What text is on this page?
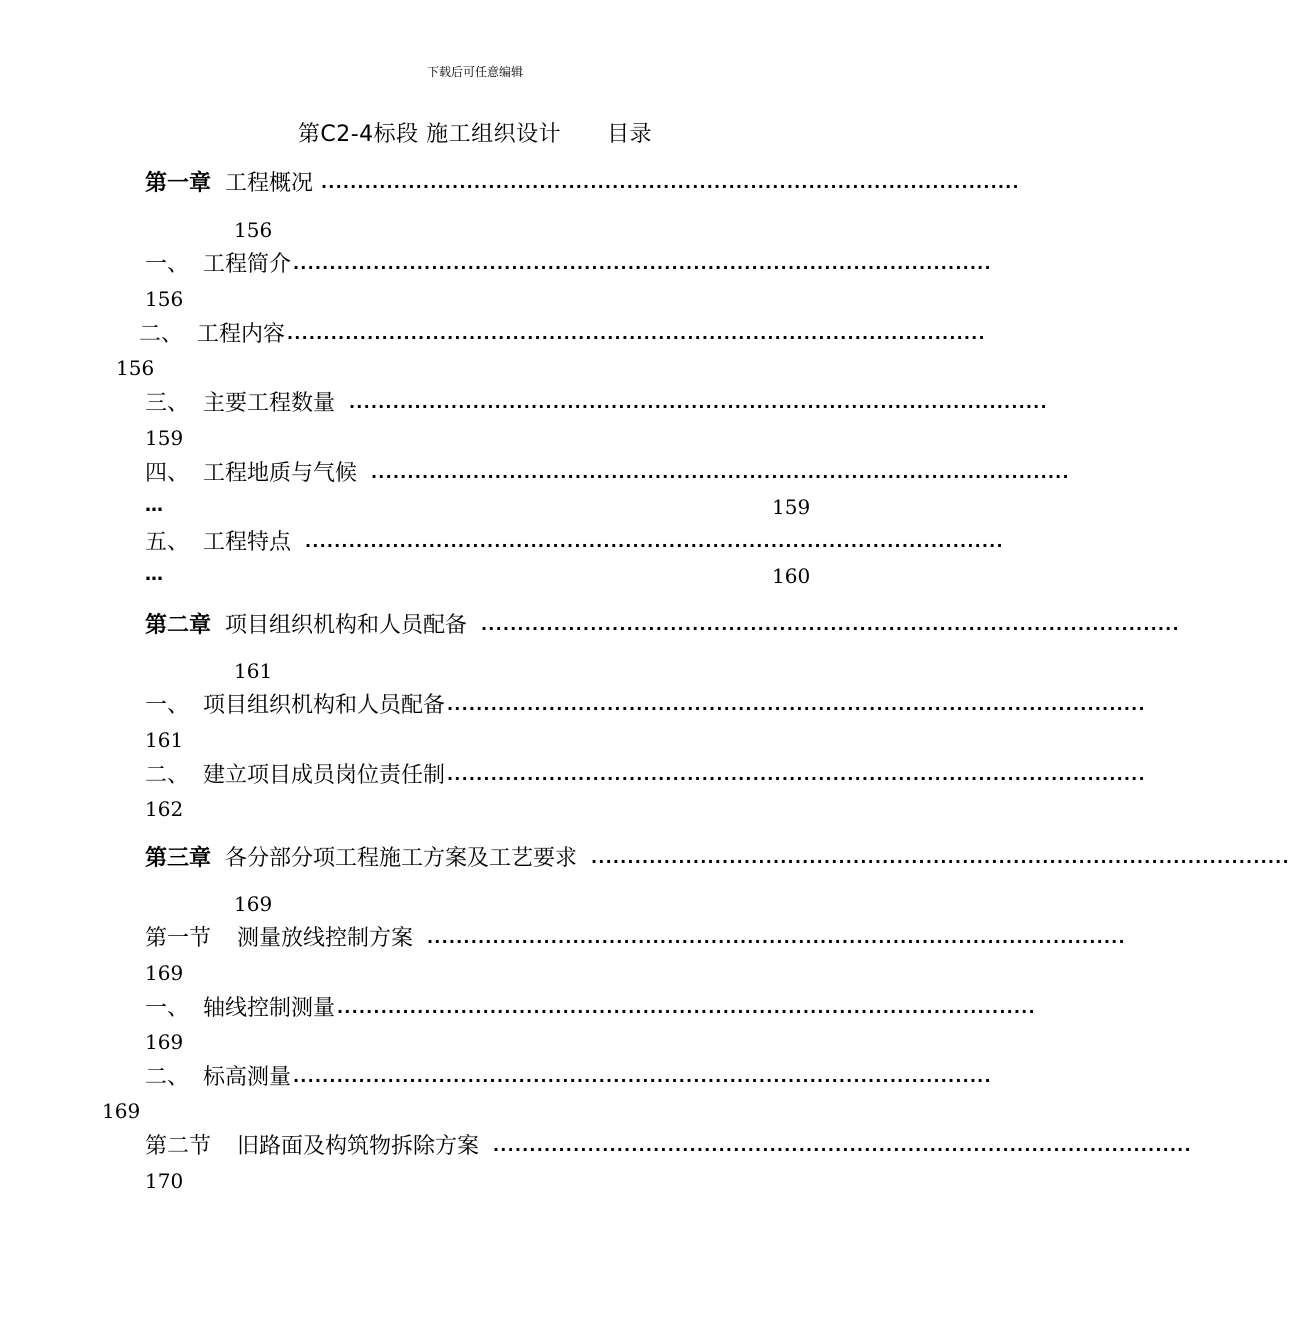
下载后可任意编辑
第C2-4标段 施工组织设计 目录
第一章 工程概况 ································································································
156
一、 工程简介 ································································································
156
二、 工程内容 ································································································
156
三、 主要工程数量 ································································································
159
四、 工程地质与气候 ································································································
…	159
五、 工程特点 ································································································
…	160
第二章 项目组织机构和人员配备 ································································································
161
一、 项目组织机构和人员配备 ································································································
161
二、 建立项目成员岗位责任制 ································································································
162
第三章 各分部分项工程施工方案及工艺要求 ································································································
169
第一节 测量放线控制方案 ································································································
169
一、 轴线控制测量 ································································································
169
二、 标高测量 ································································································
169
第二节 旧路面及构筑物拆除方案 ································································································
170
